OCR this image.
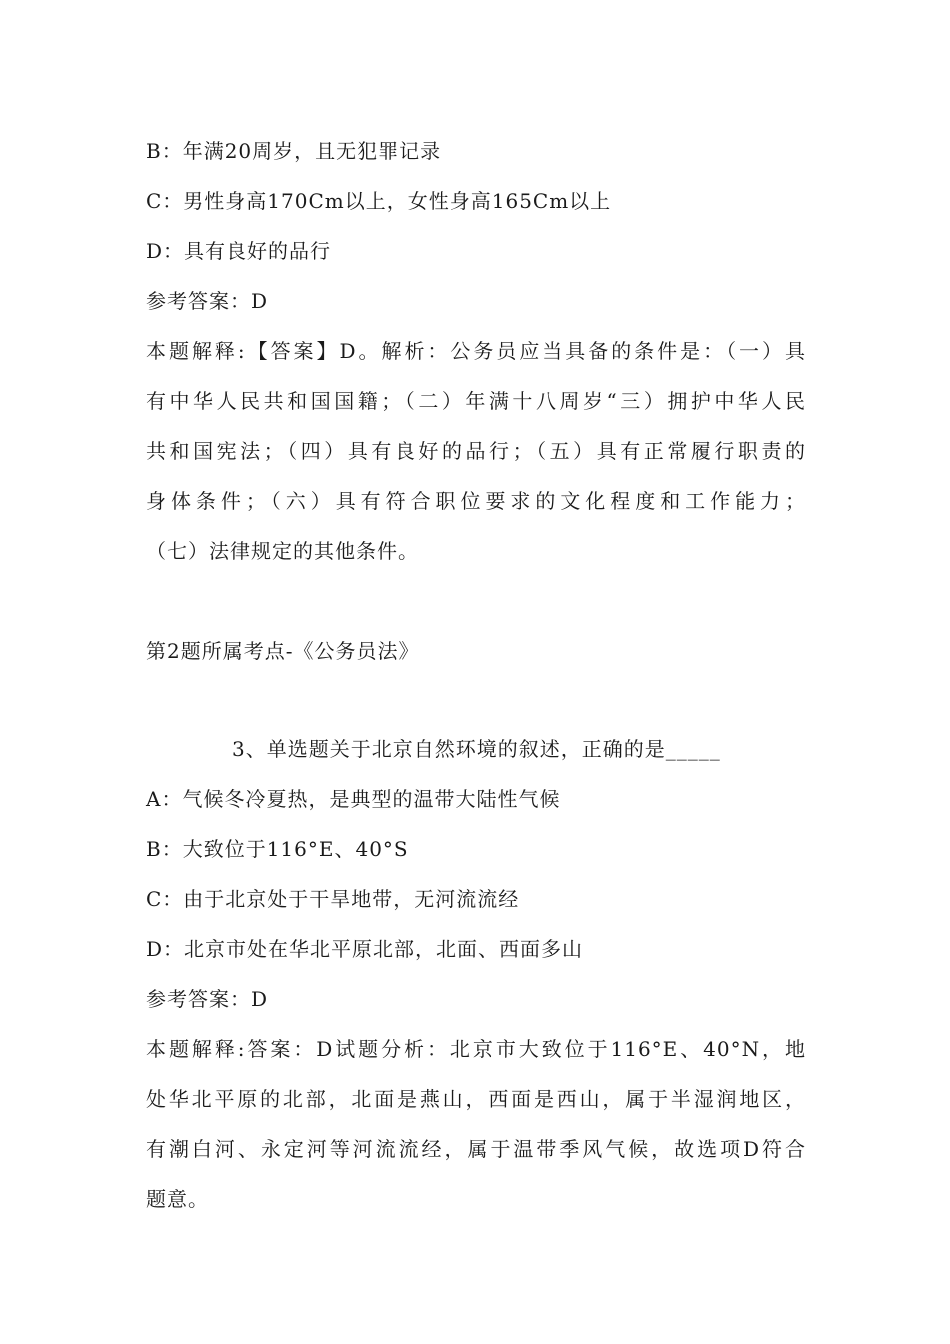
B：年满20周岁，且无犯罪记录
C：男性身高170Cm以上，女性身高165Cm以上
D：具有良好的品行
参考答案：D
本题解释:【答案】D。解析：公务员应当具备的条件是：（一）具
有中华人民共和国国籍；（二）年满十八周岁“三）拥护中华人民
共和国宪法；（四）具有良好的品行；（五）具有正常履行职责的
身体条件；（六）具有符合职位要求的文化程度和工作能力；
（七）法律规定的其他条件。
第2题所属考点-《公务员法》
3、单选题关于北京自然环境的叙述，正确的是_____
A：气候冬冷夏热，是典型的温带大陆性气候
B：大致位于116°E、40°S
C：由于北京处于干旱地带，无河流流经
D：北京市处在华北平原北部，北面、西面多山
参考答案：D
本题解释:答案：D试题分析：北京市大致位于116°E、40°N，地
处华北平原的北部，北面是燕山，西面是西山，属于半湿润地区，
有潮白河、永定河等河流流经，属于温带季风气候，故选项D符合
题意。
